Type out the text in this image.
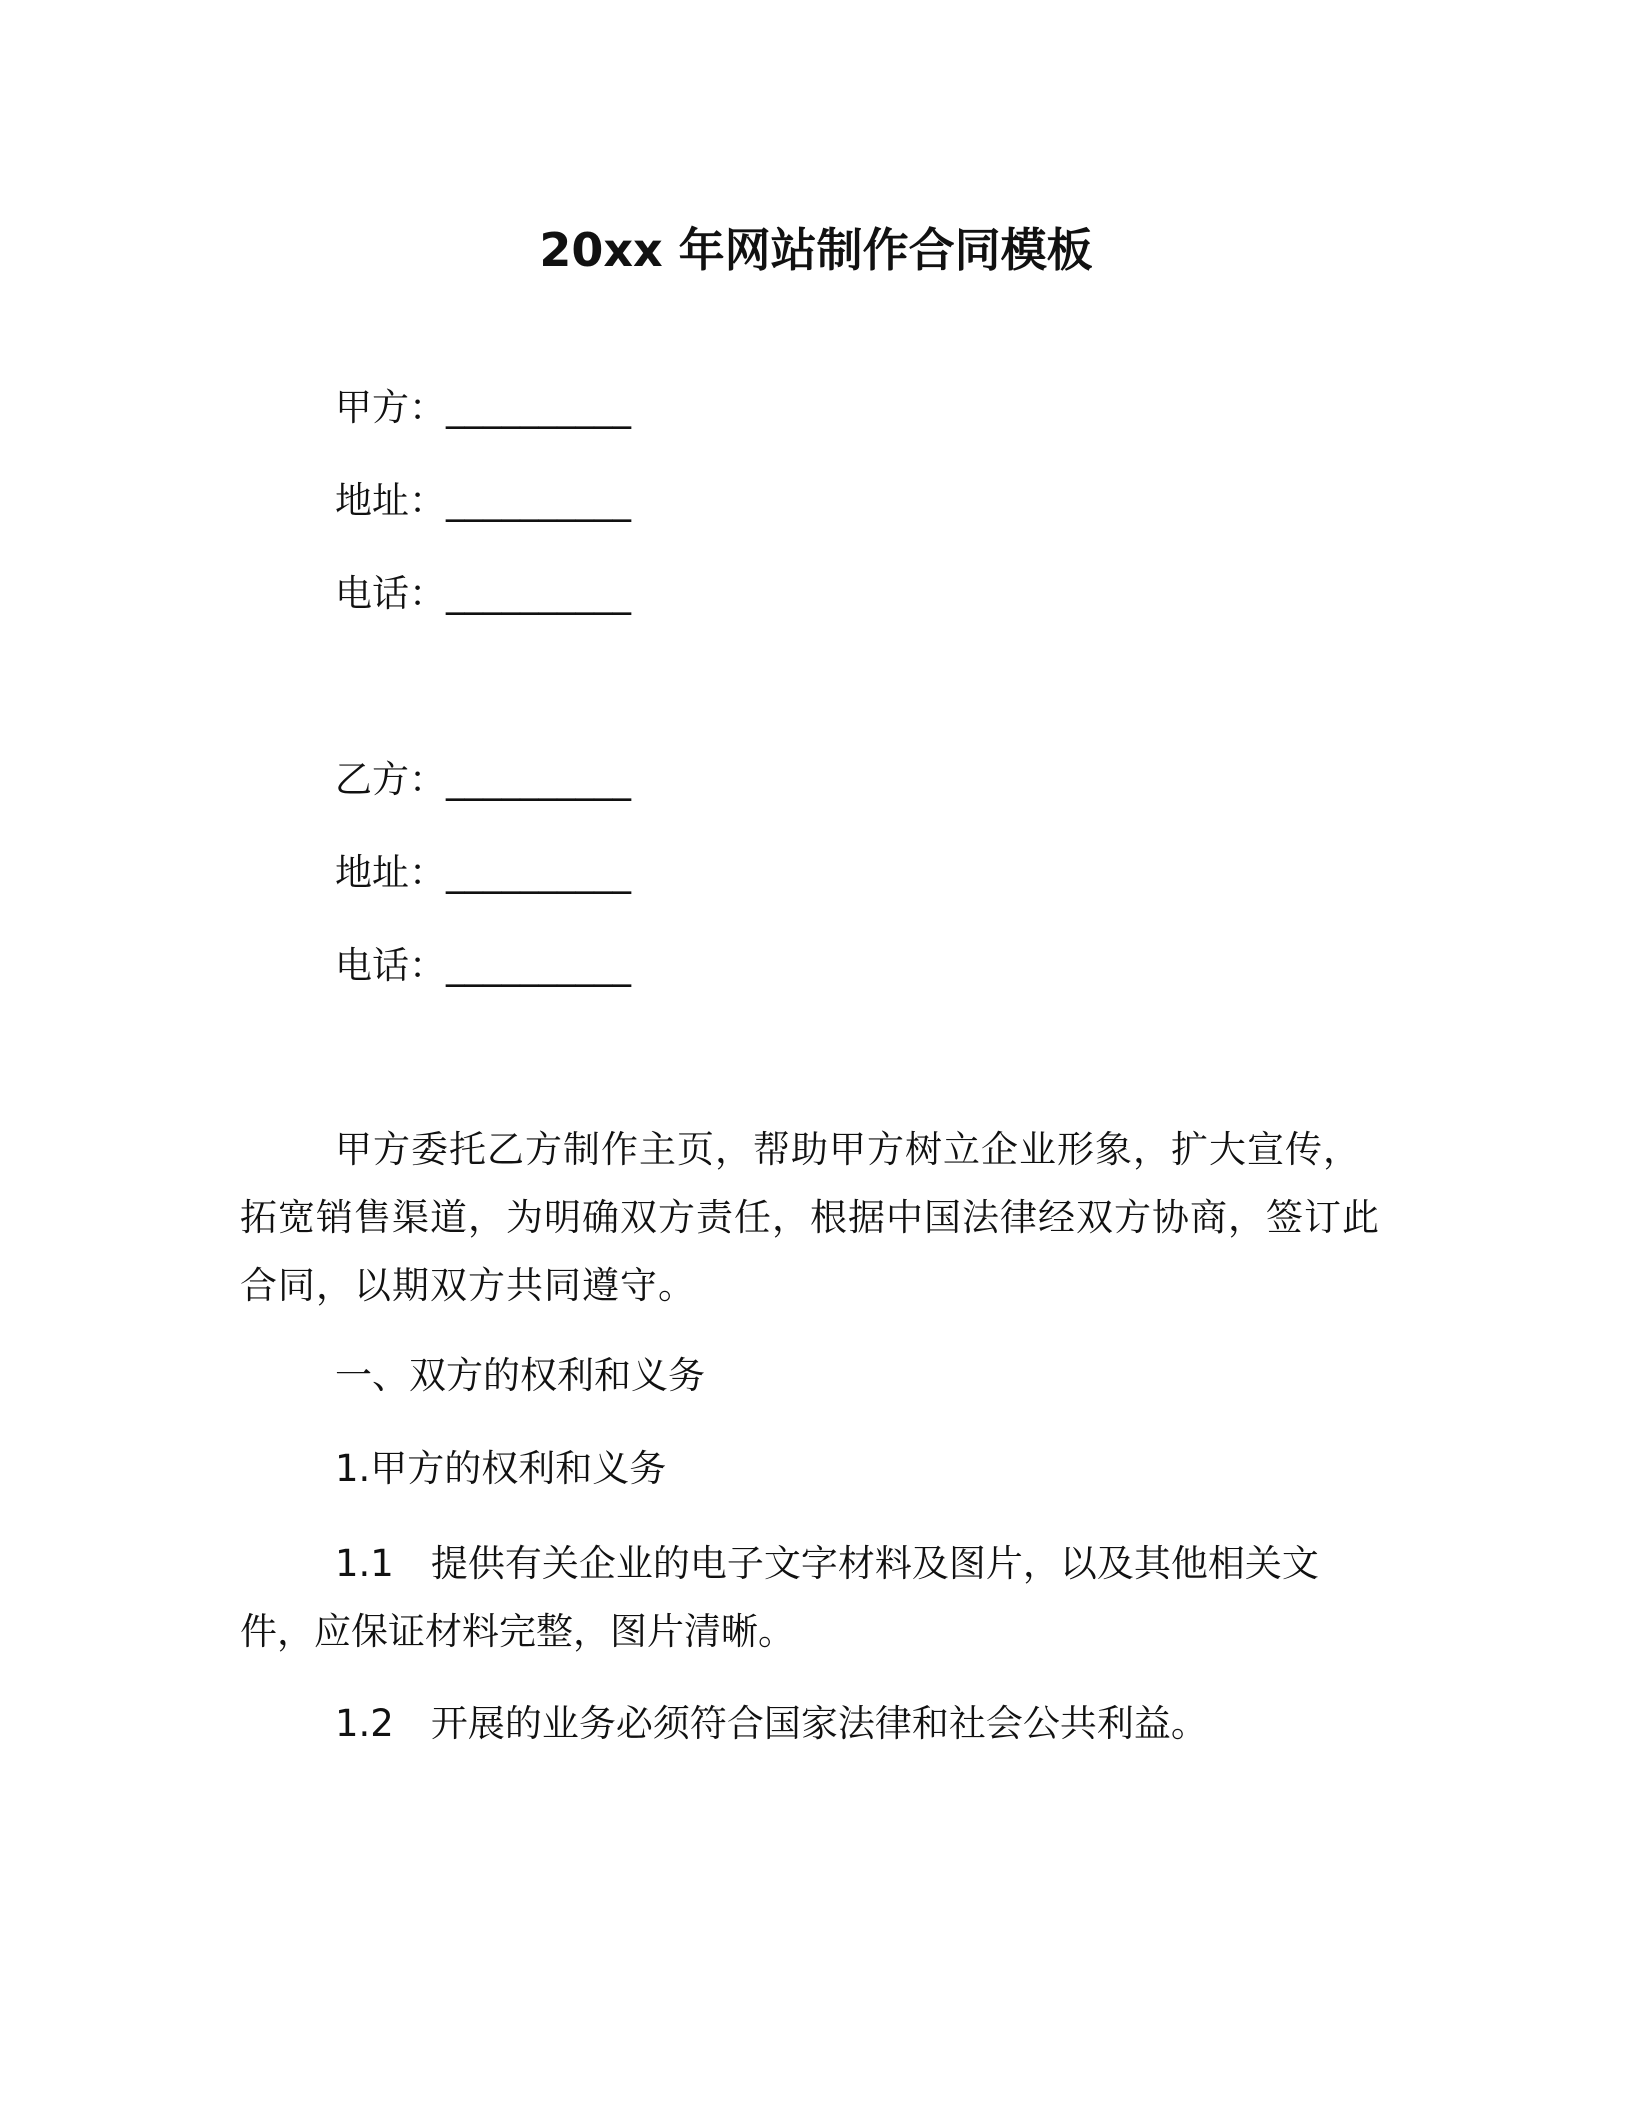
20xx 年网站制作合同模板

甲方：__________

地址：__________

电话：__________

乙方：__________

地址：__________

电话：__________

甲方委托乙方制作主页，帮助甲方树立企业形象，扩大宣传，拓宽销售渠道，为明确双方责任，根据中国法律经双方协商，签订此合同，以期双方共同遵守。

一、双方的权利和义务

1.甲方的权利和义务

1.1　提供有关企业的电子文字材料及图片，以及其他相关文件，应保证材料完整，图片清晰。

1.2　开展的业务必须符合国家法律和社会公共利益。
